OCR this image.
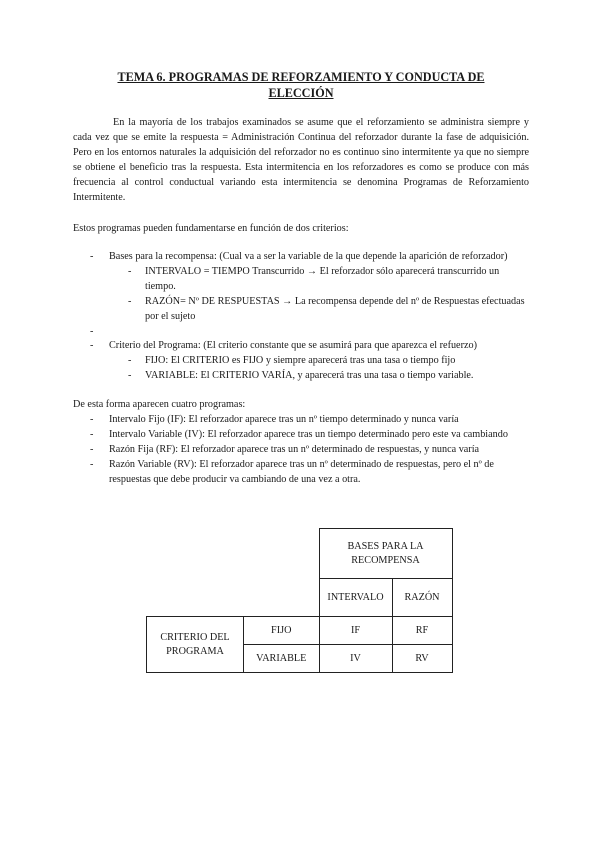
TEMA 6. PROGRAMAS DE REFORZAMIENTO Y CONDUCTA DE ELECCIÓN

En la mayoría de los trabajos examinados se asume que el reforzamiento se administra siempre y cada vez que se emite la respuesta = Administración Continua del reforzador durante la fase de adquisición. Pero en los entornos naturales la adquisición del reforzador no es continuo sino intermitente ya que no siempre se obtiene el beneficio tras la respuesta. Esta intermitencia en los reforzadores es como se produce con más frecuencia al control conductual variando esta intermitencia se denomina Programas de Reforzamiento Intermitente.

Estos programas pueden fundamentarse en función de dos criterios:

- Bases para la recompensa: (Cual va a ser la variable de la que depende la aparición de reforzador)
- INTERVALO = TIEMPO Transcurrido → El reforzador sólo aparecerá transcurrido un tiempo.
- RAZÓN= Nº DE RESPUESTAS → La recompensa depende del nº de Respuestas efectuadas por el sujeto
-
- Criterio del Programa: (El criterio constante que se asumirá para que aparezca el refuerzo)
- FIJO: El CRITERIO es FIJO y siempre aparecerá tras una tasa o tiempo fijo
- VARIABLE: El CRITERIO VARÍA, y aparecerá tras una tasa o tiempo variable.

De esta forma aparecen cuatro programas:

- Intervalo Fijo (IF): El reforzador aparece tras un nº tiempo determinado y nunca varía
- Intervalo Variable (IV): El reforzador aparece tras un tiempo determinado pero este va cambiando
- Razón Fija (RF): El reforzador aparece tras un nº determinado de respuestas, y nunca varía
- Razón Variable (RV): El reforzador aparece tras un nº determinado de respuestas, pero el nº de respuestas que debe producir va cambiando de una vez a otra.
		BASES PARA LA RECOMPENSA	
		INTERVALO	RAZÓN
CRITERIO DEL PROGRAMA	FIJO	IF	RF
	VARIABLE	IV	RV
